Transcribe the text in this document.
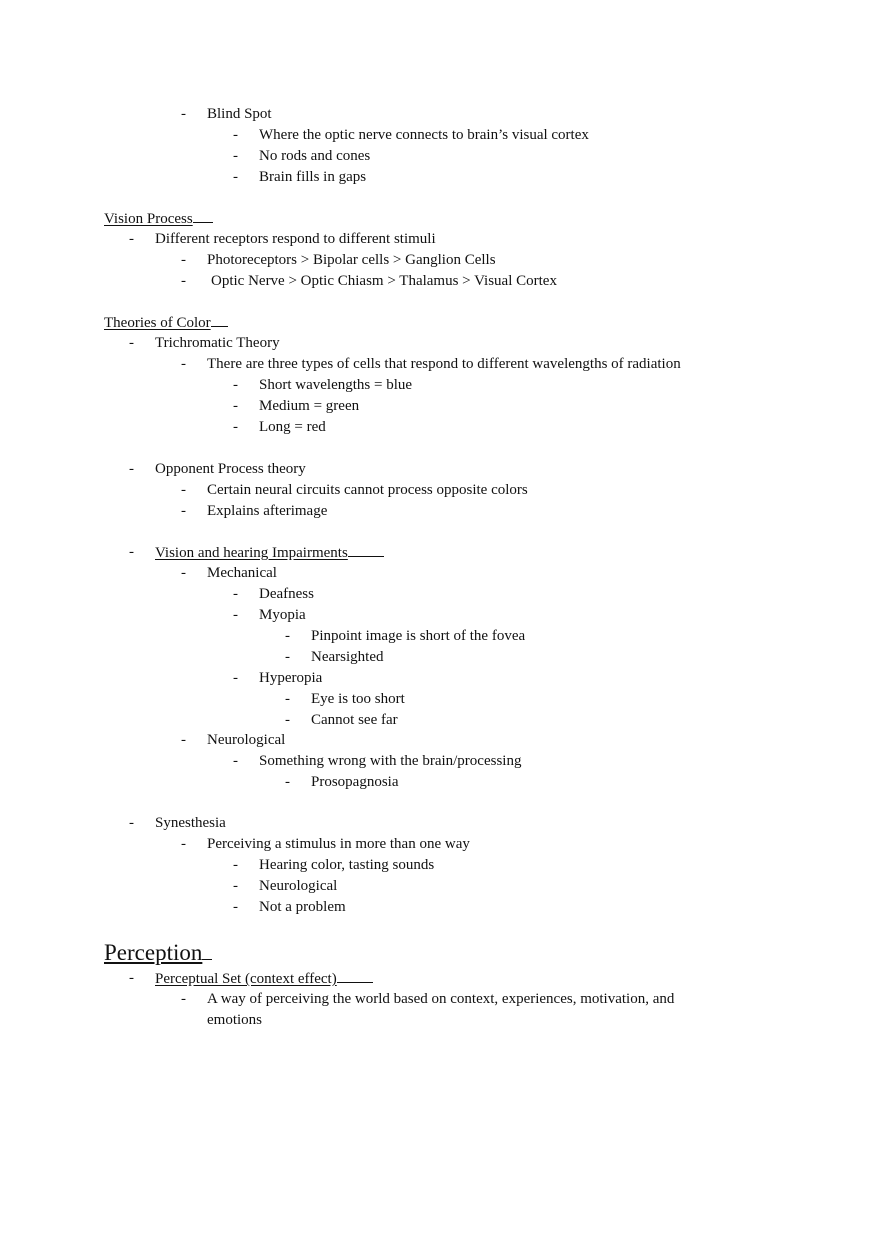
- Blind Spot
- Where the optic nerve connects to brain’s visual cortex
- No rods and cones
- Brain fills in gaps
Vision Process
- Different receptors respond to different stimuli
- Photoreceptors > Bipolar cells > Ganglion Cells
- Optic Nerve > Optic Chiasm > Thalamus > Visual Cortex
Theories of Color
- Trichromatic Theory
- There are three types of cells that respond to different wavelengths of radiation
- Short wavelengths = blue
- Medium = green
- Long = red
- Opponent Process theory
- Certain neural circuits cannot process opposite colors
- Explains afterimage
- Vision and hearing Impairments
- Mechanical
- Deafness
- Myopia
- Pinpoint image is short of the fovea
- Nearsighted
- Hyperopia
- Eye is too short
- Cannot see far
- Neurological
- Something wrong with the brain/processing
- Prosopagnosia
- Synesthesia
- Perceiving a stimulus in more than one way
- Hearing color, tasting sounds
- Neurological
- Not a problem
Perception
- Perceptual Set (context effect)
- A way of perceiving the world based on context, experiences, motivation, and
emotions
